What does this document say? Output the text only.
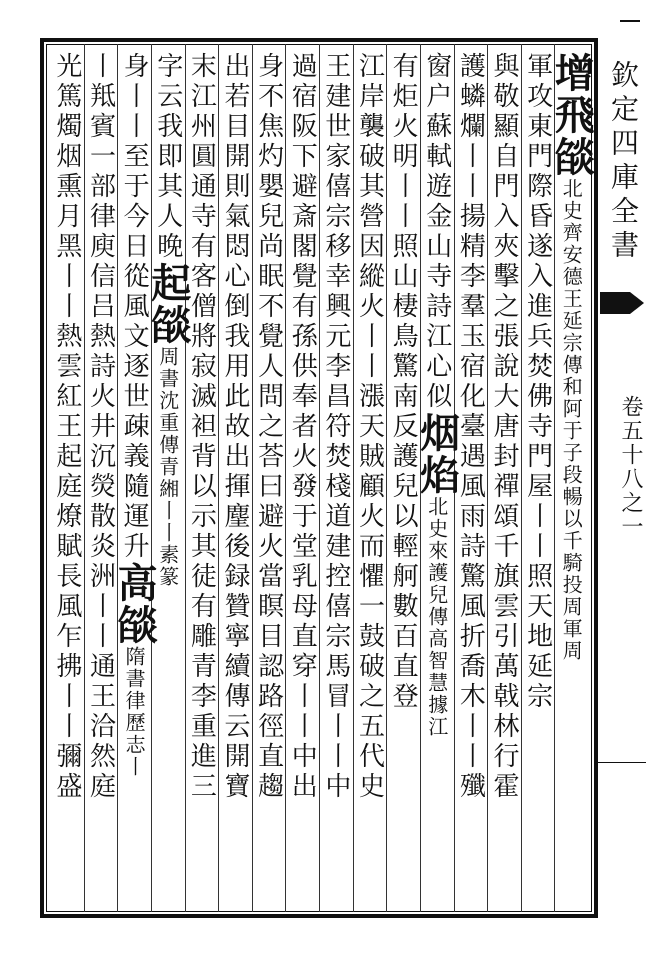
欽定四庫全書
卷五十八之一
增飛燄北史齊安德王延宗傳和阿于子段暢以千騎投周軍周
軍攻東門際昏遂入進兵焚佛寺門屋丨丨照天地延宗
與敬顯自門入夾擊之張說大唐封禪頌千旗雲引萬戟林行霍
護䗲爛丨丨揚精李羣玉宿化臺遇風雨詩驚風折喬木丨丨殲
窗户蘇軾遊金山寺詩江心似烟焰北史來護兒傳高智慧據江
有炬火明丨丨照山棲鳥驚南反護兒以輕舸數百直登
江岸襲破其營因縱火丨丨漲天賊顧火而懼一鼓破之五代史
王建世家僖宗移幸興元李昌符焚棧道建控僖宗馬冒丨丨中
過宿阪下避斎閣覺有孫供奉者火發于堂乳母直穿丨丨中出
身不焦灼嬰兒尚眠不覺人問之荅曰避火當瞑目認路徑直趨
出若目開則氣悶心倒我用此故出揮麈後録贊寧續傳云開寶
末江州圓通寺有客僧將寂滅袒背以示其徒有雕青李重進三
字云我即其人晚起燄周書沈重傳青緗丨丨素篆
身丨丨至于今日從風文逐世疎義隨運升高燄隋書律歷志丨
丨羝賓一部律庾信吕熱詩火井沉熒散炎洲丨丨通王洽然庭
光篤燭烟熏月黑丨丨熱雲紅王起庭燎賦長風乍拂丨丨彌盛
